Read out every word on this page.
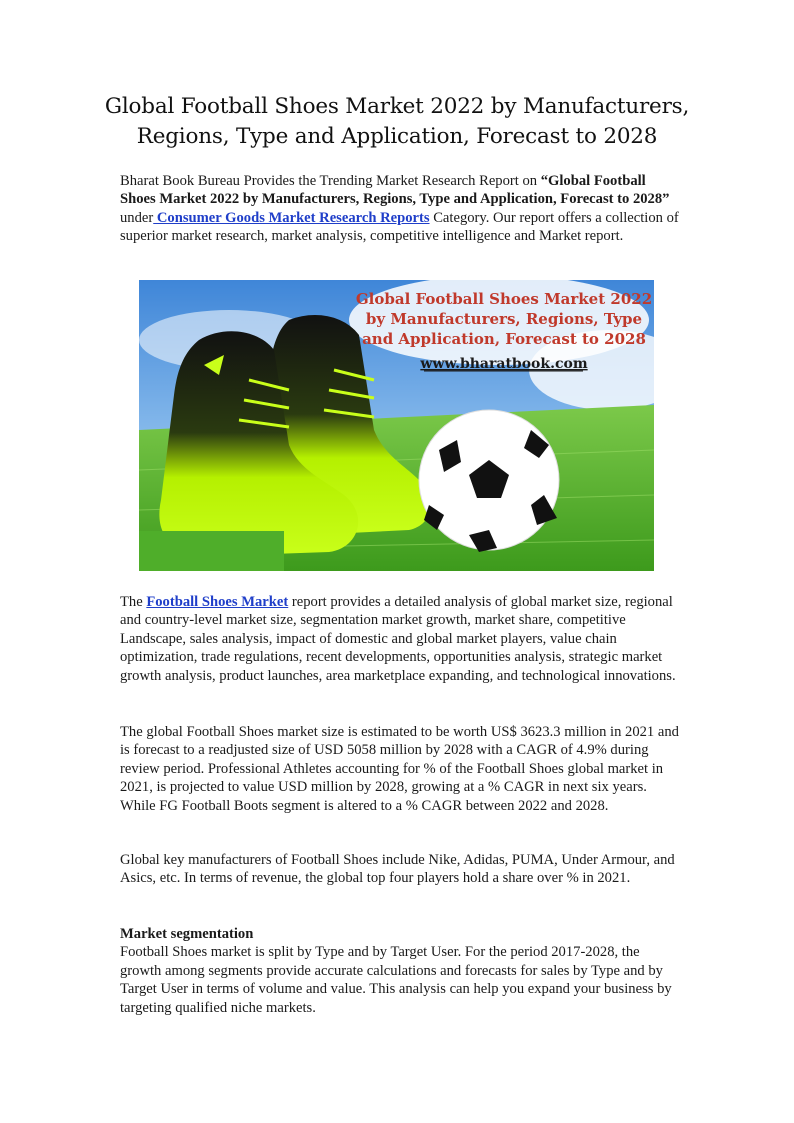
Global Football Shoes Market 2022 by Manufacturers,
Regions, Type and Application, Forecast to 2028

Bharat Book Bureau Provides the Trending Market Research Report on “Global Football Shoes Market 2022 by Manufacturers, Regions, Type and Application, Forecast to 2028” under Consumer Goods Market Research Reports Category. Our report offers a collection of superior market research, market analysis, competitive intelligence and Market report.

Global Football Shoes Market 2022
by Manufacturers, Regions, Type
and Application, Forecast to 2028
www.bharatbook.com

The Football Shoes Market report provides a detailed analysis of global market size, regional and country-level market size, segmentation market growth, market share, competitive Landscape, sales analysis, impact of domestic and global market players, value chain optimization, trade regulations, recent developments, opportunities analysis, strategic market growth analysis, product launches, area marketplace expanding, and technological innovations.

The global Football Shoes market size is estimated to be worth US$ 3623.3 million in 2021 and is forecast to a readjusted size of USD 5058 million by 2028 with a CAGR of 4.9% during review period. Professional Athletes accounting for % of the Football Shoes global market in 2021, is projected to value USD million by 2028, growing at a % CAGR in next six years. While FG Football Boots segment is altered to a % CAGR between 2022 and 2028.

Global key manufacturers of Football Shoes include Nike, Adidas, PUMA, Under Armour, and Asics, etc. In terms of revenue, the global top four players hold a share over % in 2021.

Market segmentation

Football Shoes market is split by Type and by Target User. For the period 2017-2028, the growth among segments provide accurate calculations and forecasts for sales by Type and by Target User in terms of volume and value. This analysis can help you expand your business by targeting qualified niche markets.
